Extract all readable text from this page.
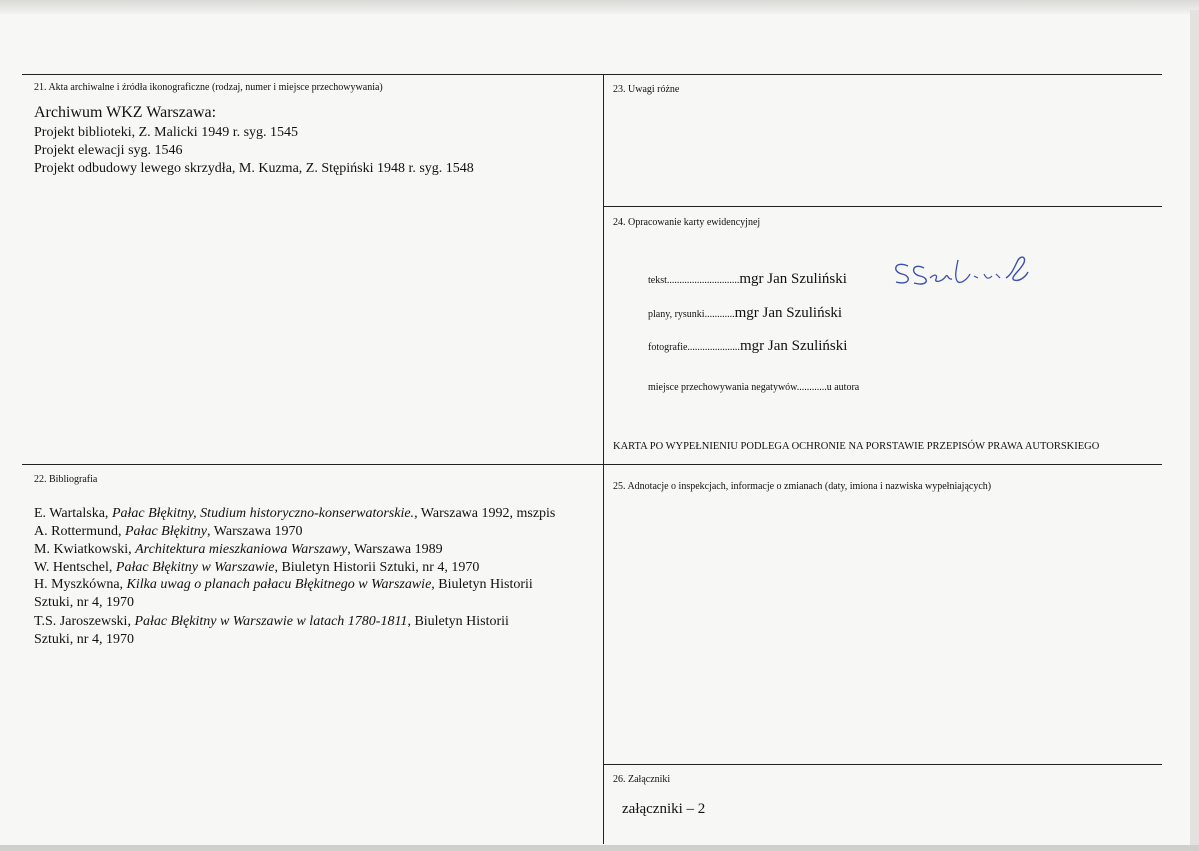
21. Akta archiwalne i źródła ikonograficzne (rodzaj, numer i miejsce przechowywania)
Archiwum WKZ Warszawa:
Projekt biblioteki, Z. Malicki 1949 r. syg. 1545
Projekt elewacji syg. 1546
Projekt odbudowy lewego skrzydła, M. Kuzma, Z. Stępiński 1948 r. syg. 1548
22. Bibliografia
E. Wartalska, Pałac Błękitny, Studium historyczno-konserwatorskie., Warszawa 1992, mszpis
A. Rottermund, Pałac Błękitny, Warszawa 1970
M. Kwiatkowski, Architektura mieszkaniowa Warszawy, Warszawa 1989
W. Hentschel, Pałac Błękitny w Warszawie, Biuletyn Historii Sztuki, nr 4, 1970
H. Myszkówna, Kilka uwag o planach pałacu Błękitnego w Warszawie, Biuletyn Historii
Sztuki, nr 4, 1970
T.S. Jaroszewski, Pałac Błękitny w Warszawie w latach 1780-1811, Biuletyn Historii
Sztuki, nr 4, 1970
23. Uwagi różne
24. Opracowanie karty ewidencyjnej
tekst.............................mgr Jan Szuliński
plany, rysunki............mgr Jan Szuliński
fotografie.....................mgr Jan Szuliński
miejsce przechowywania negatywów............u autora
KARTA PO WYPEŁNIENIU PODLEGA OCHRONIE NA PORSTAWIE PRZEPISÓW PRAWA AUTORSKIEGO
25. Adnotacje o inspekcjach, informacje o zmianach (daty, imiona i nazwiska wypełniających)
26. Załączniki
załączniki – 2
